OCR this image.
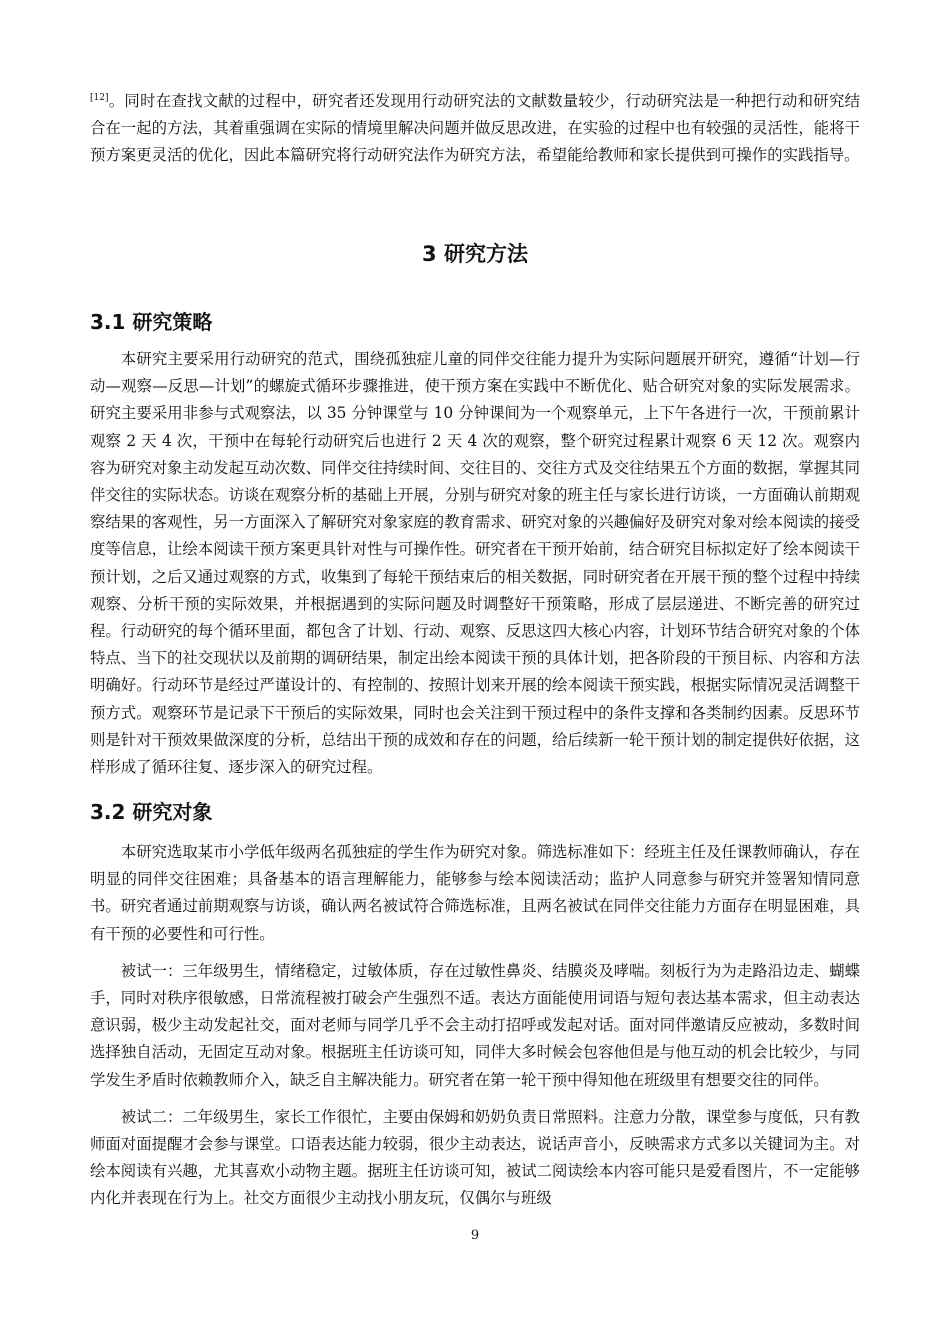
[12]。同时在查找文献的过程中，研究者还发现用行动研究法的文献数量较少，行动研究法是一种把行动和研究结合在一起的方法，其着重强调在实际的情境里解决问题并做反思改进，在实验的过程中也有较强的灵活性，能将干预方案更灵活的优化，因此本篇研究将行动研究法作为研究方法，希望能给教师和家长提供到可操作的实践指导。

3 研究方法
3.1 研究策略

本研究主要采用行动研究的范式，围绕孤独症儿童的同伴交往能力提升为实际问题展开研究，遵循“计划—行动—观察—反思—计划”的螺旋式循环步骤推进，使干预方案在实践中不断优化、贴合研究对象的实际发展需求。研究主要采用非参与式观察法，以 35 分钟课堂与 10 分钟课间为一个观察单元，上下午各进行一次，干预前累计观察 2 天 4 次，干预中在每轮行动研究后也进行 2 天 4 次的观察，整个研究过程累计观察 6 天 12 次。观察内容为研究对象主动发起互动次数、同伴交往持续时间、交往目的、交往方式及交往结果五个方面的数据，掌握其同伴交往的实际状态。访谈在观察分析的基础上开展，分别与研究对象的班主任与家长进行访谈，一方面确认前期观察结果的客观性，另一方面深入了解研究对象家庭的教育需求、研究对象的兴趣偏好及研究对象对绘本阅读的接受度等信息，让绘本阅读干预方案更具针对性与可操作性。研究者在干预开始前，结合研究目标拟定好了绘本阅读干预计划，之后又通过观察的方式，收集到了每轮干预结束后的相关数据，同时研究者在开展干预的整个过程中持续观察、分析干预的实际效果，并根据遇到的实际问题及时调整好干预策略，形成了层层递进、不断完善的研究过程。行动研究的每个循环里面，都包含了计划、行动、观察、反思这四大核心内容，计划环节结合研究对象的个体特点、当下的社交现状以及前期的调研结果，制定出绘本阅读干预的具体计划，把各阶段的干预目标、内容和方法明确好。行动环节是经过严谨设计的、有控制的、按照计划来开展的绘本阅读干预实践，根据实际情况灵活调整干预方式。观察环节是记录下干预后的实际效果，同时也会关注到干预过程中的条件支撑和各类制约因素。反思环节则是针对干预效果做深度的分析，总结出干预的成效和存在的问题，给后续新一轮干预计划的制定提供好依据，这样形成了循环往复、逐步深入的研究过程。

3.2 研究对象

本研究选取某市小学低年级两名孤独症的学生作为研究对象。筛选标准如下：经班主任及任课教师确认，存在明显的同伴交往困难；具备基本的语言理解能力，能够参与绘本阅读活动；监护人同意参与研究并签署知情同意书。研究者通过前期观察与访谈，确认两名被试符合筛选标准，且两名被试在同伴交往能力方面存在明显困难，具有干预的必要性和可行性。

被试一：三年级男生，情绪稳定，过敏体质，存在过敏性鼻炎、结膜炎及哮喘。刻板行为为走路沿边走、蝴蝶手，同时对秩序很敏感，日常流程被打破会产生强烈不适。表达方面能使用词语与短句表达基本需求，但主动表达意识弱，极少主动发起社交，面对老师与同学几乎不会主动打招呼或发起对话。面对同伴邀请反应被动，多数时间选择独自活动，无固定互动对象。根据班主任访谈可知，同伴大多时候会包容他但是与他互动的机会比较少，与同学发生矛盾时依赖教师介入，缺乏自主解决能力。研究者在第一轮干预中得知他在班级里有想要交往的同伴。

被试二：二年级男生，家长工作很忙，主要由保姆和奶奶负责日常照料。注意力分散，课堂参与度低，只有教师面对面提醒才会参与课堂。口语表达能力较弱，很少主动表达，说话声音小，反映需求方式多以关键词为主。对绘本阅读有兴趣，尤其喜欢小动物主题。据班主任访谈可知，被试二阅读绘本内容可能只是爱看图片，不一定能够内化并表现在行为上。社交方面很少主动找小朋友玩，仅偶尔与班级

9
